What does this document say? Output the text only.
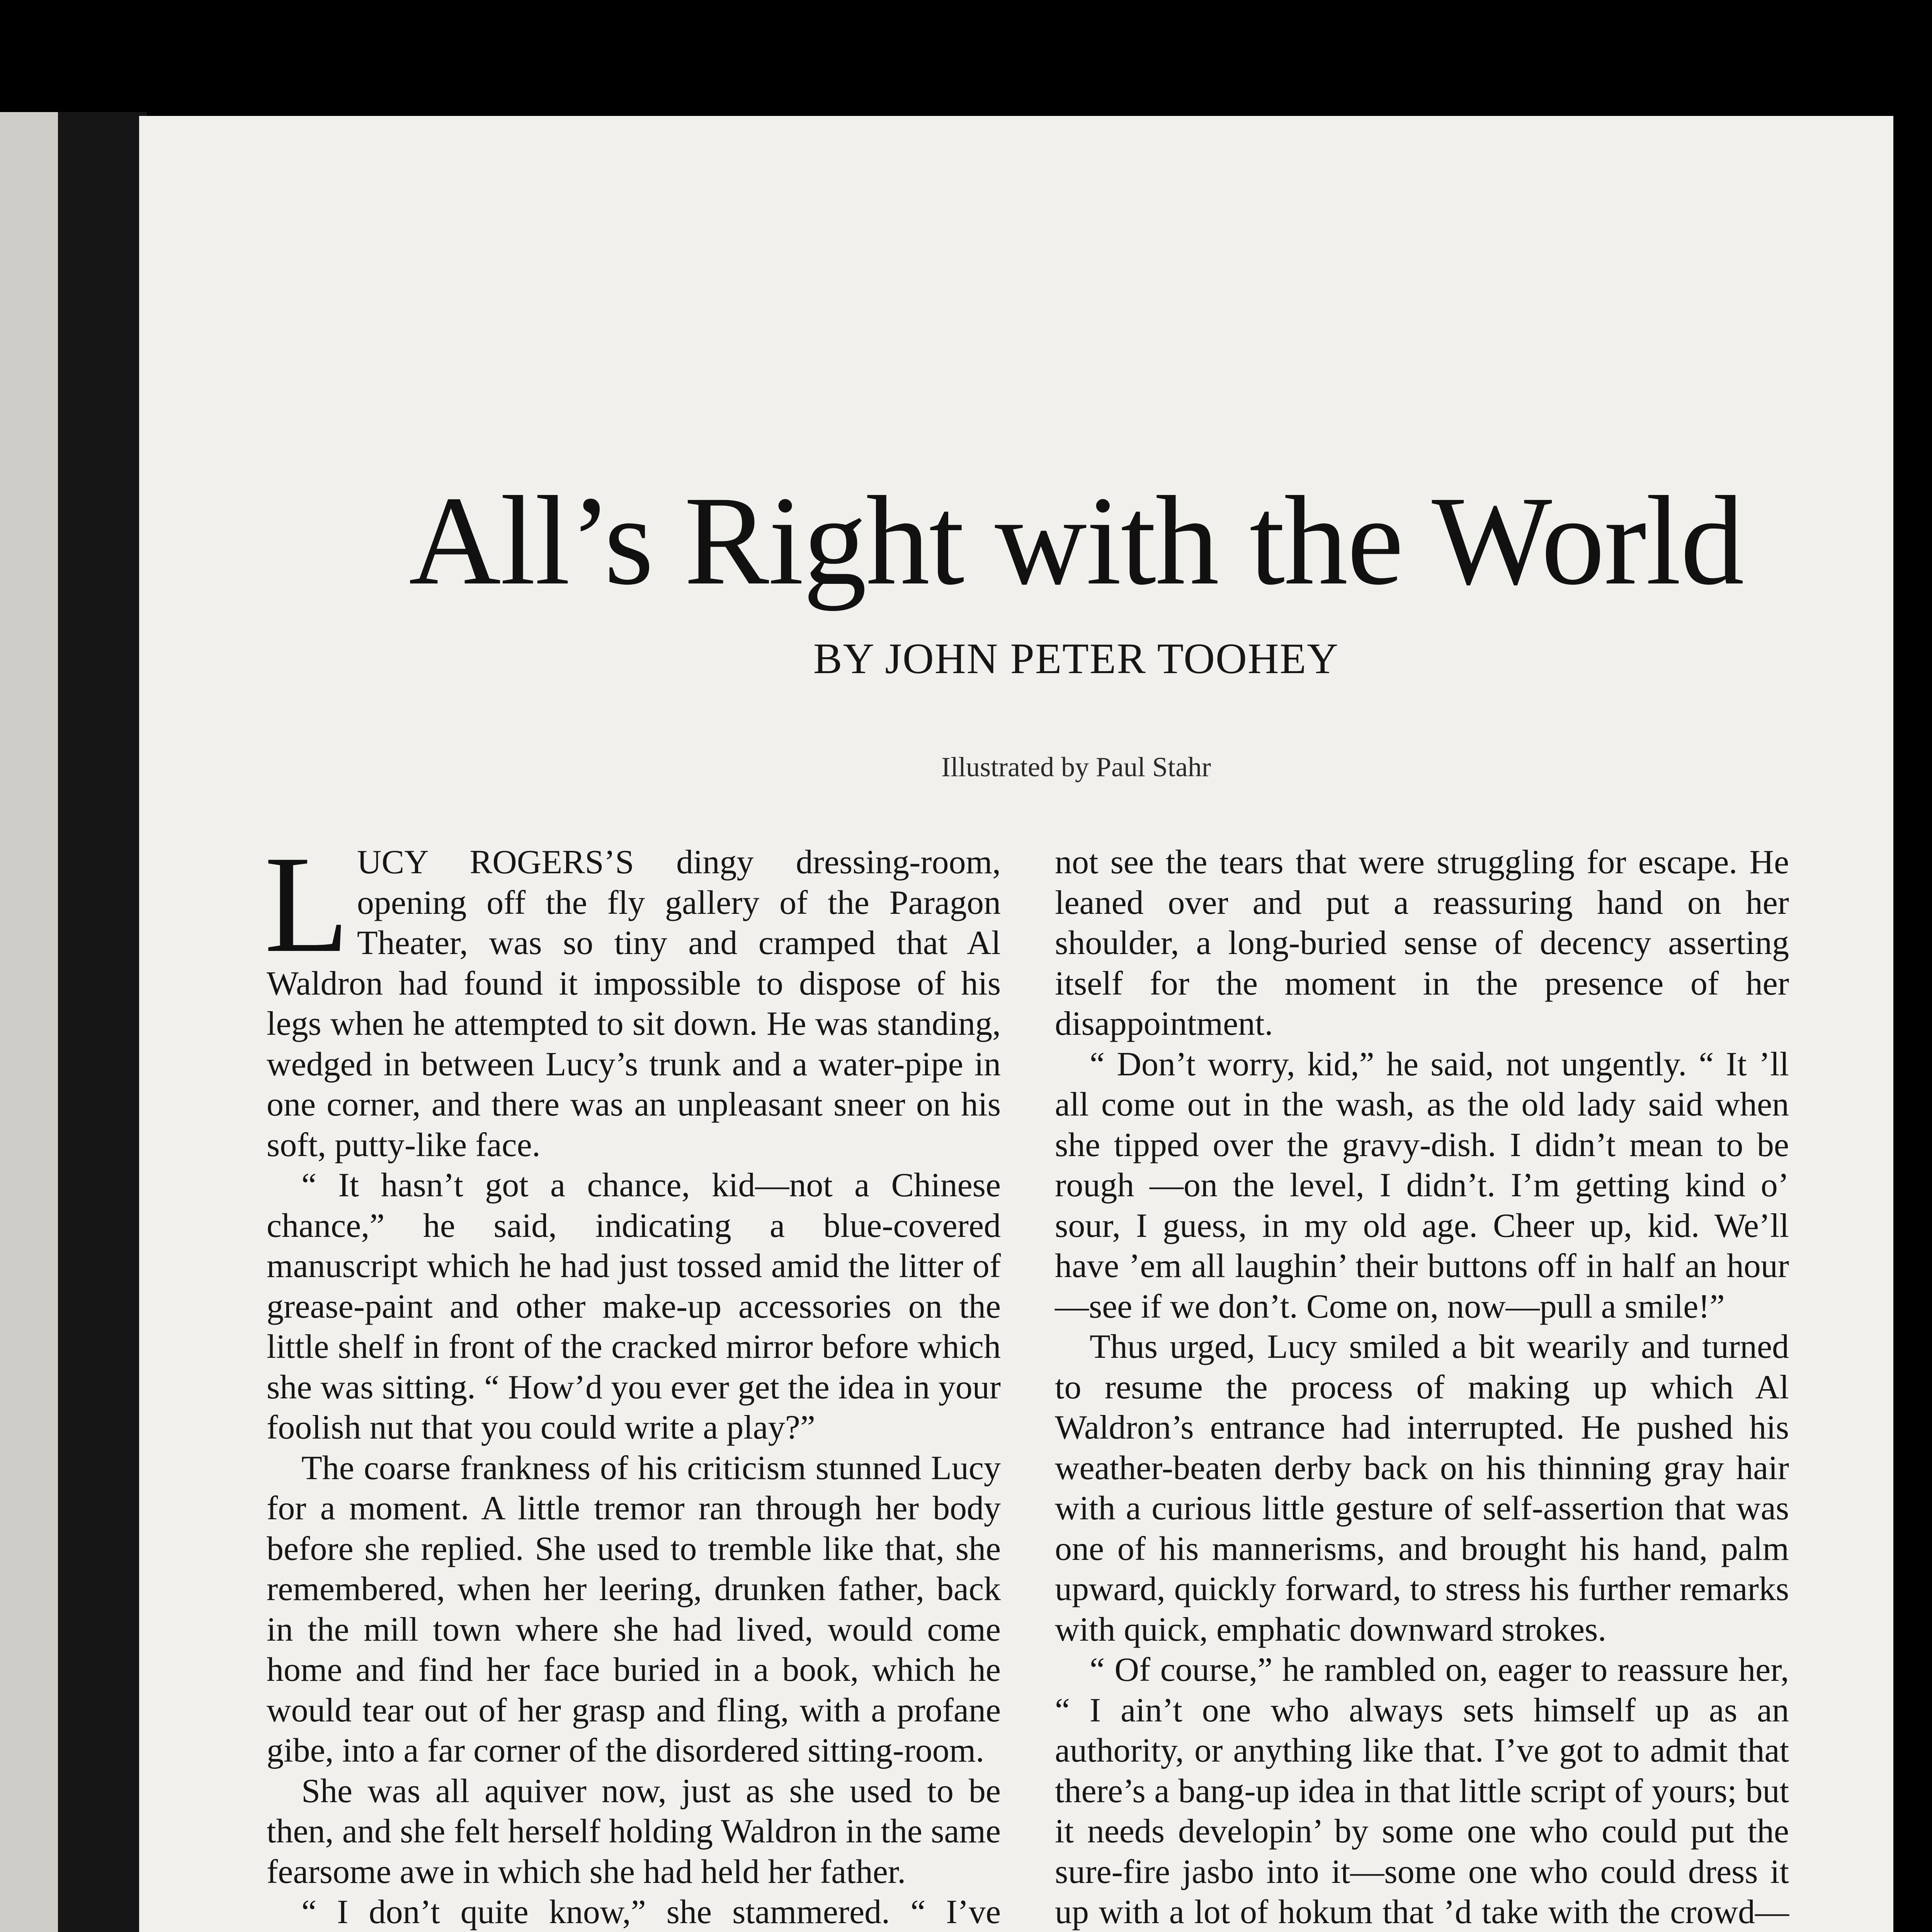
All’s Right with the World
BY JOHN PETER TOOHEY
Illustrated by Paul Stahr

LUCY ROGERS’S dingy dressing-room, opening off the fly gallery of the Paragon Theater, was so tiny and cramped that Al Waldron had found it impossible to dispose of his legs when he attempted to sit down. He was standing, wedged in between Lucy’s trunk and a water-pipe in one corner, and there was an unpleasant sneer on his soft, putty-like face.

“ It hasn’t got a chance, kid—not a Chinese chance,” he said, indicating a blue-covered manuscript which he had just tossed amid the litter of grease-paint and other make-up accessories on the little shelf in front of the cracked mirror before which she was sitting. “ How’d you ever get the idea in your foolish nut that you could write a play?”

The coarse frankness of his criticism stunned Lucy for a moment. A little tremor ran through her body before she replied. She used to tremble like that, she remembered, when her leering, drunken father, back in the mill town where she had lived, would come home and find her face buried in a book, which he would tear out of her grasp and fling, with a profane gibe, into a far corner of the disordered sitting-room.

She was all aquiver now, just as she used to be then, and she felt herself holding Waldron in the same fearsome awe in which she had held her father.

“ I don’t quite know,” she stammered. “ I’ve

not see the tears that were struggling for escape. He leaned over and put a reassuring hand on her shoulder, a long-buried sense of decency asserting itself for the moment in the presence of her disappointment.

“ Don’t worry, kid,” he said, not ungently. “ It ’ll all come out in the wash, as the old lady said when she tipped over the gravy-dish. I didn’t mean to be rough —on the level, I didn’t. I’m getting kind o’ sour, I guess, in my old age. Cheer up, kid. We’ll have ’em all laughin’ their buttons off in half an hour—see if we don’t. Come on, now—pull a smile!”

Thus urged, Lucy smiled a bit wearily and turned to resume the process of making up which Al Waldron’s entrance had interrupted. He pushed his weather-beaten derby back on his thinning gray hair with a curious little gesture of self-assertion that was one of his mannerisms, and brought his hand, palm upward, quickly forward, to stress his further remarks with quick, emphatic downward strokes.

“ Of course,” he rambled on, eager to reassure her, “ I ain’t one who always sets himself up as an authority, or anything like that. I’ve got to admit that there’s a bang-up idea in that little script of yours; but it needs developin’ by some one who could put the sure-fire jasbo into it—some one who could dress it up with a lot of hokum that ’d take with the crowd—
